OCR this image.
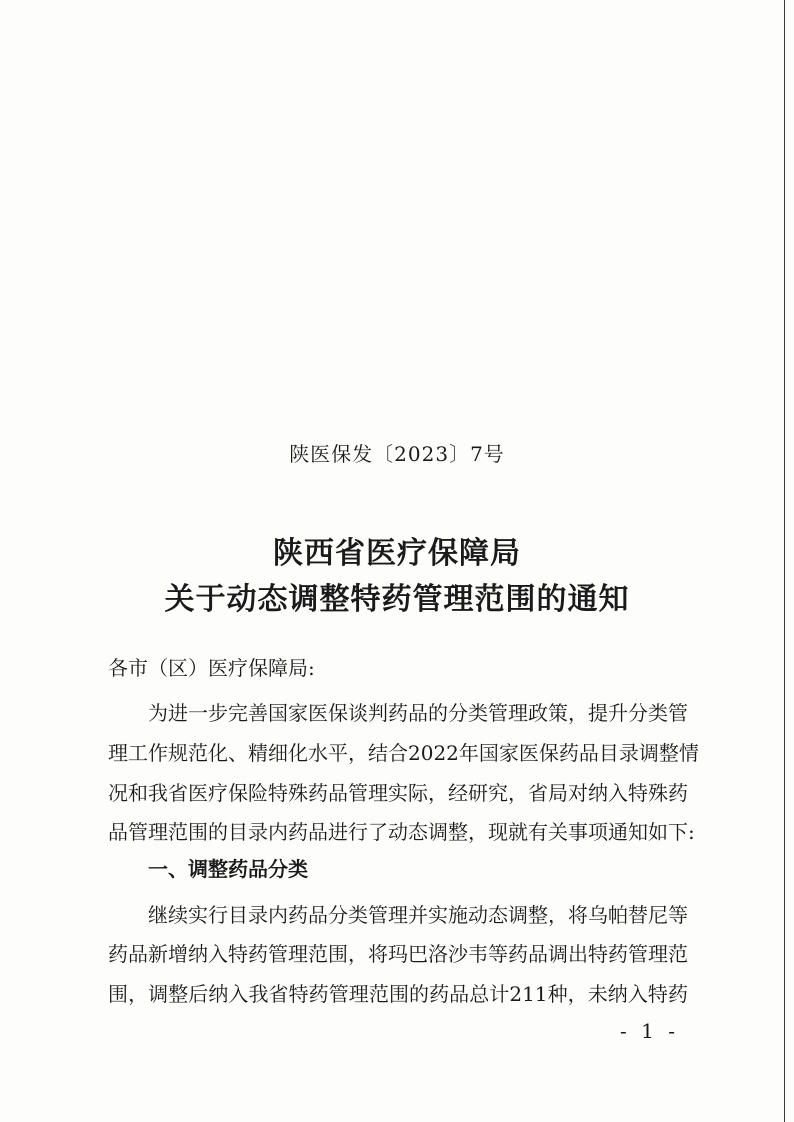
陕医保发〔2023〕7号
陕西省医疗保障局
关于动态调整特药管理范围的通知
各市（区）医疗保障局:
为进一步完善国家医保谈判药品的分类管理政策，提升分类管
理工作规范化、精细化水平，结合2022年国家医保药品目录调整情
况和我省医疗保险特殊药品管理实际，经研究，省局对纳入特殊药
品管理范围的目录内药品进行了动态调整，现就有关事项通知如下:
一、调整药品分类
继续实行目录内药品分类管理并实施动态调整，将乌帕替尼等
药品新增纳入特药管理范围，将玛巴洛沙韦等药品调出特药管理范
围，调整后纳入我省特药管理范围的药品总计211种，未纳入特药
- 1 -
